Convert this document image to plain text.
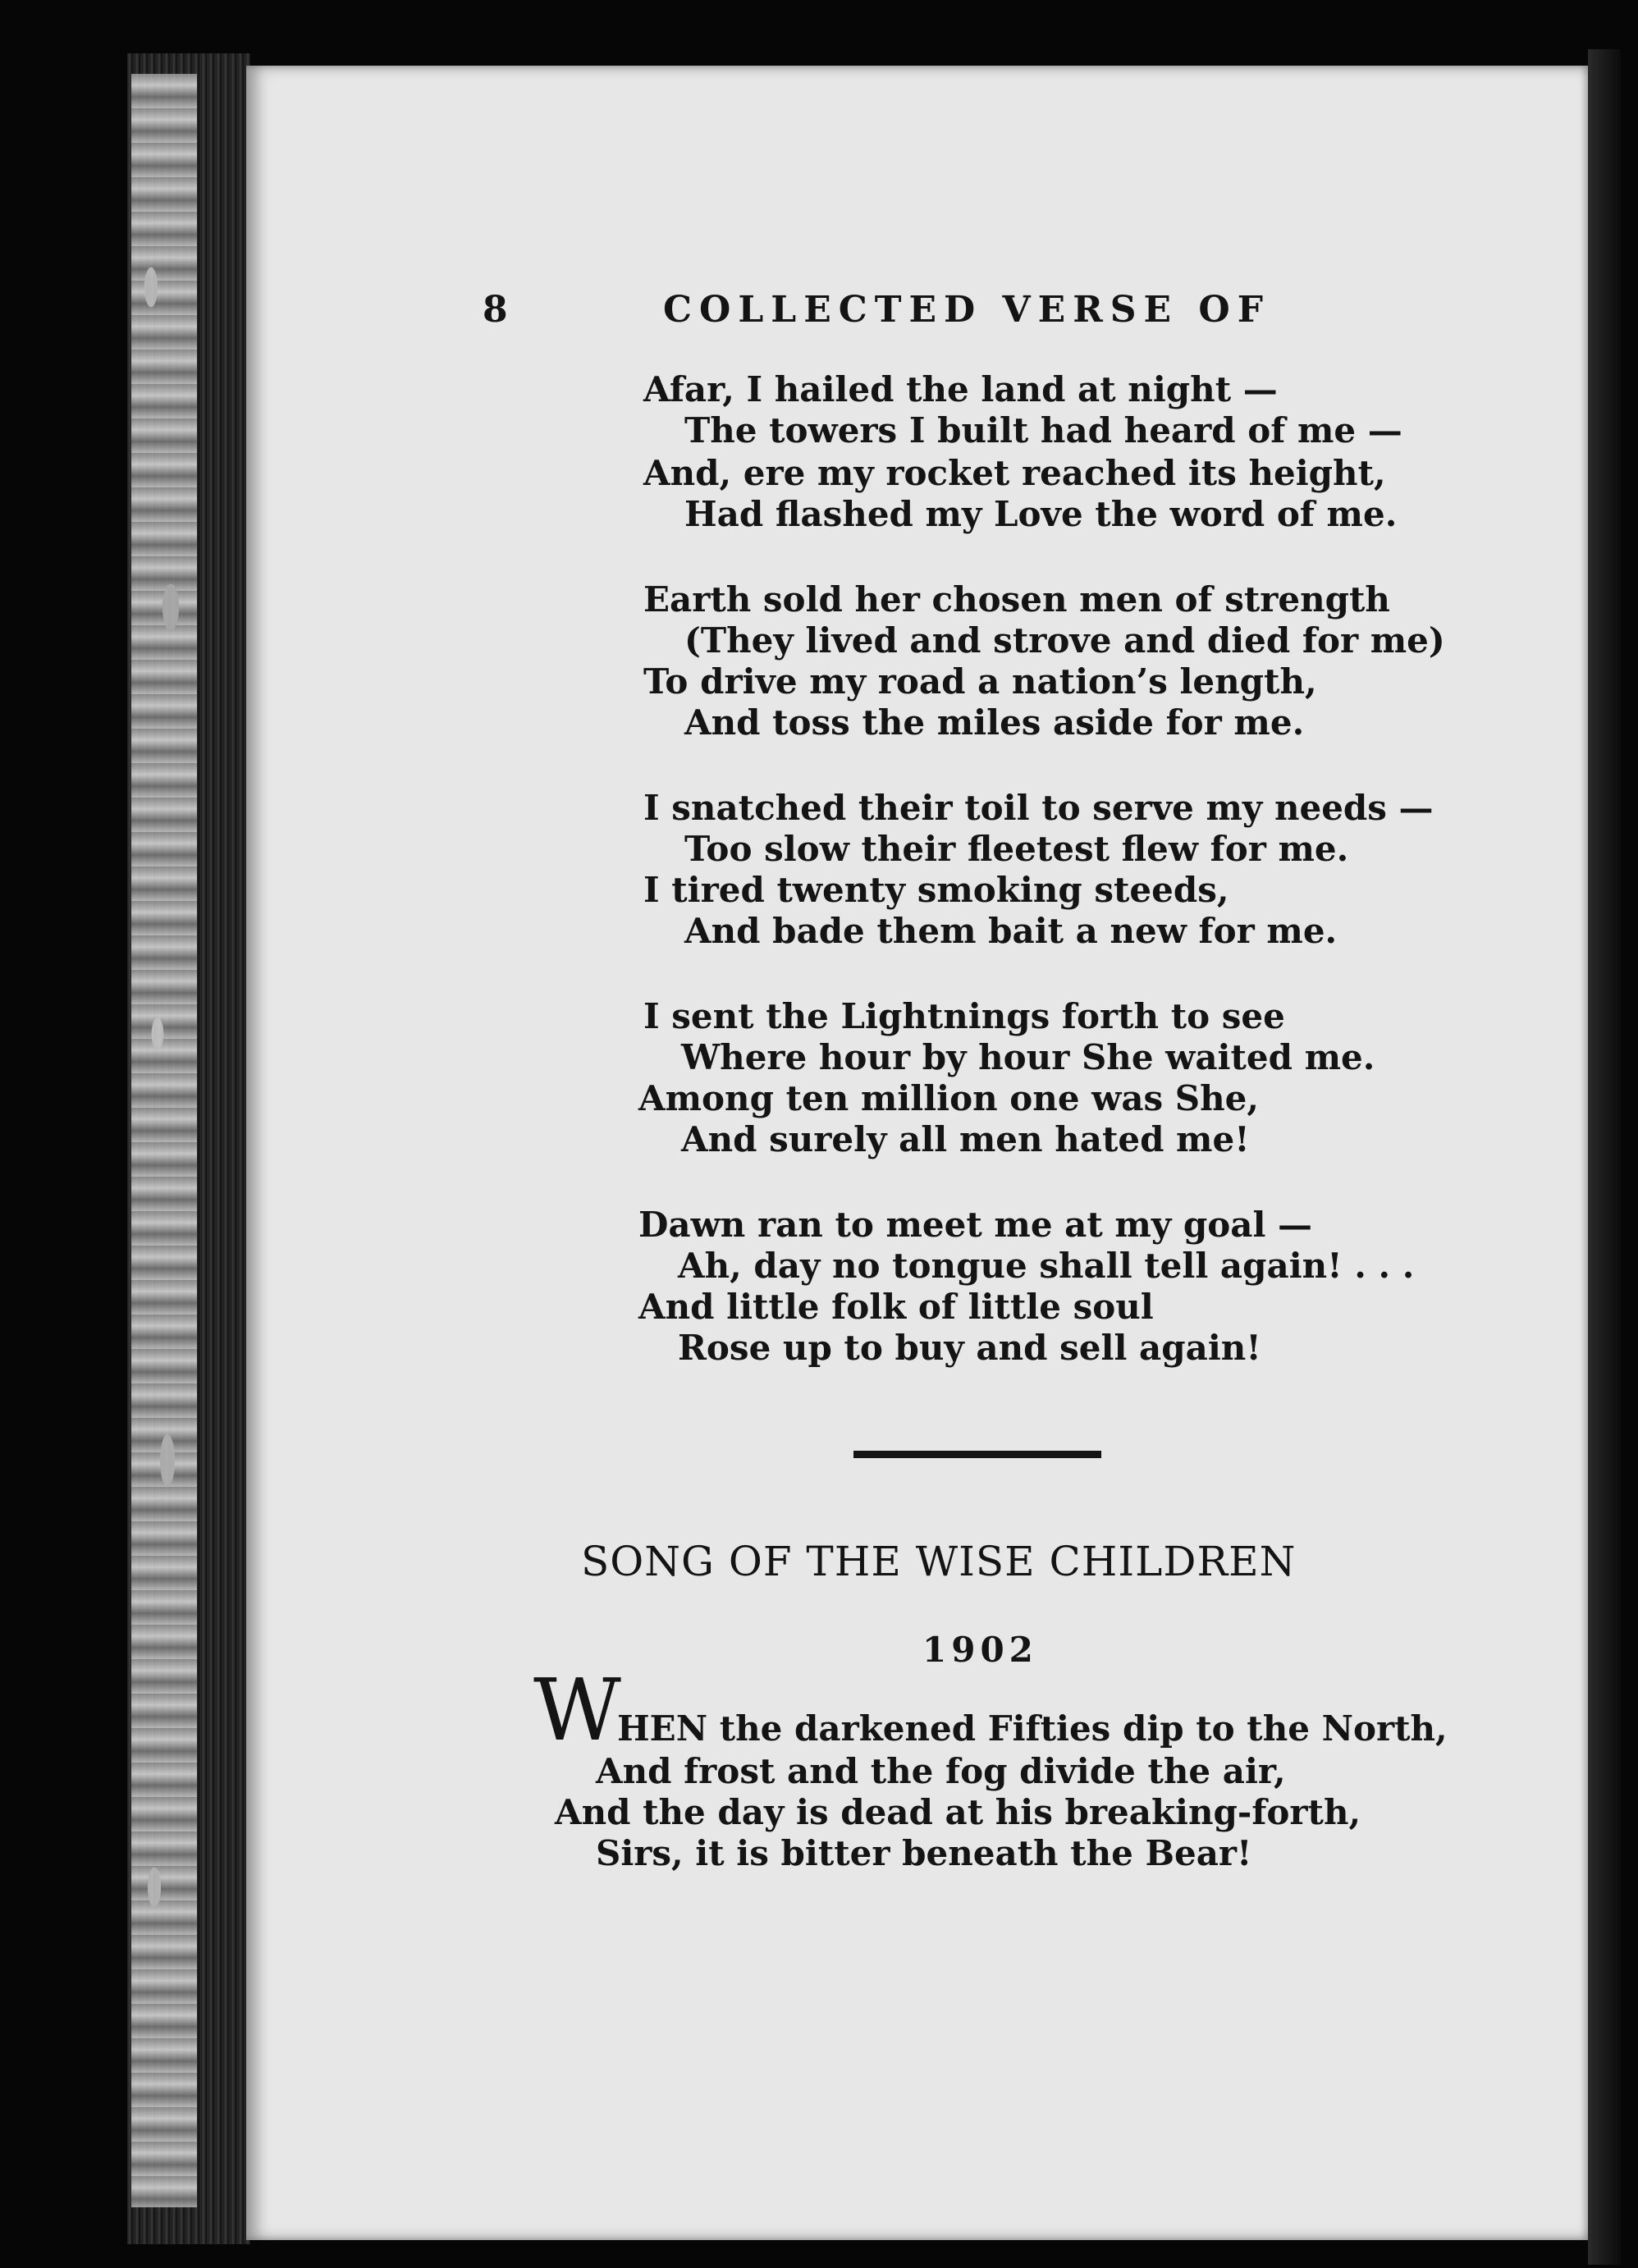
8	COLLECTED VERSE OF
Afar, I hailed the land at night —
The towers I built had heard of me —
And, ere my rocket reached its height,
Had flashed my Love the word of me.
Earth sold her chosen men of strength
(They lived and strove and died for me)
To drive my road a nation’s length,
And toss the miles aside for me.
I snatched their toil to serve my needs —
Too slow their fleetest flew for me.
I tired twenty smoking steeds,
And bade them bait a new for me.
I sent the Lightnings forth to see
Where hour by hour She waited me.
Among ten million one was She,
And surely all men hated me!
Dawn ran to meet me at my goal —
Ah, day no tongue shall tell again! . . .
And little folk of little soul
Rose up to buy and sell again!
SONG OF THE WISE CHILDREN
1902
W
HEN the darkened Fifties dip to the North,
And frost and the fog divide the air,
And the day is dead at his breaking-forth,
Sirs, it is bitter beneath the Bear!
